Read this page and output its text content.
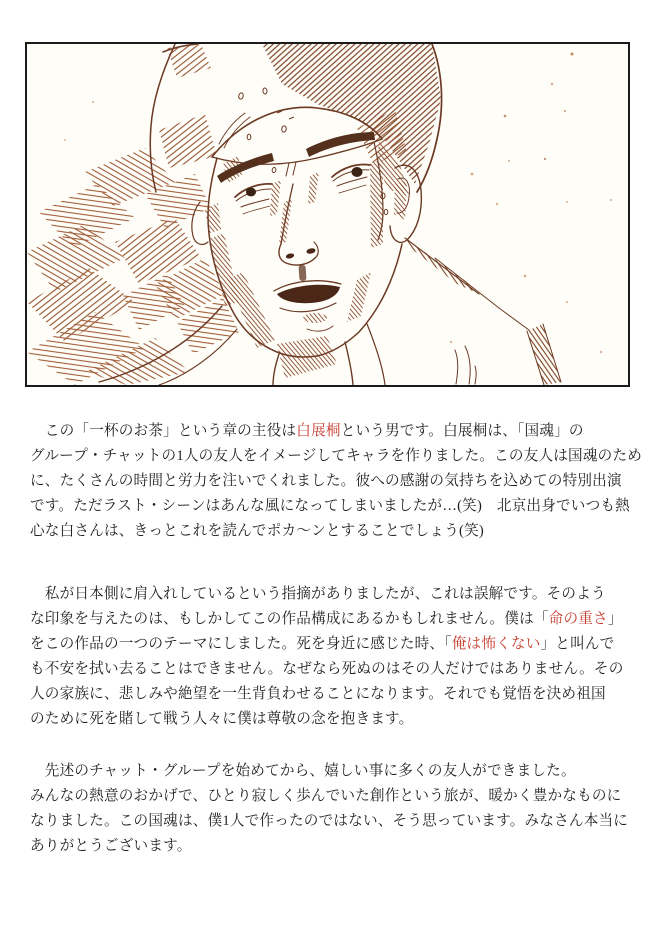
　この「一杯のお茶」という章の主役は白展桐という男です。白展桐は、「国魂」の
グループ・チャットの1人の友人をイメージしてキャラを作りました。この友人は国魂のため
に、たくさんの時間と労力を注いでくれました。彼への感謝の気持ちを込めての特別出演
です。ただラスト・シーンはあんな風になってしまいましたが…(笑)　北京出身でいつも熱
心な白さんは、きっとこれを読んでポカ〜ンとすることでしょう(笑)

　私が日本側に肩入れしているという指摘がありましたが、これは誤解です。そのよう
な印象を与えたのは、もしかしてこの作品構成にあるかもしれません。僕は「命の重さ」
をこの作品の一つのテーマにしました。死を身近に感じた時、「俺は怖くない」と叫んで
も不安を拭い去ることはできません。なぜなら死ぬのはその人だけではありません。その
人の家族に、悲しみや絶望を一生背負わせることになります。それでも覚悟を決め祖国
のために死を賭して戦う人々に僕は尊敬の念を抱きます。

　先述のチャット・グループを始めてから、嬉しい事に多くの友人ができました。
みんなの熱意のおかげで、ひとり寂しく歩んでいた創作という旅が、暖かく豊かなものに
なりました。この国魂は、僕1人で作ったのではない、そう思っています。みなさん本当に
ありがとうございます。
